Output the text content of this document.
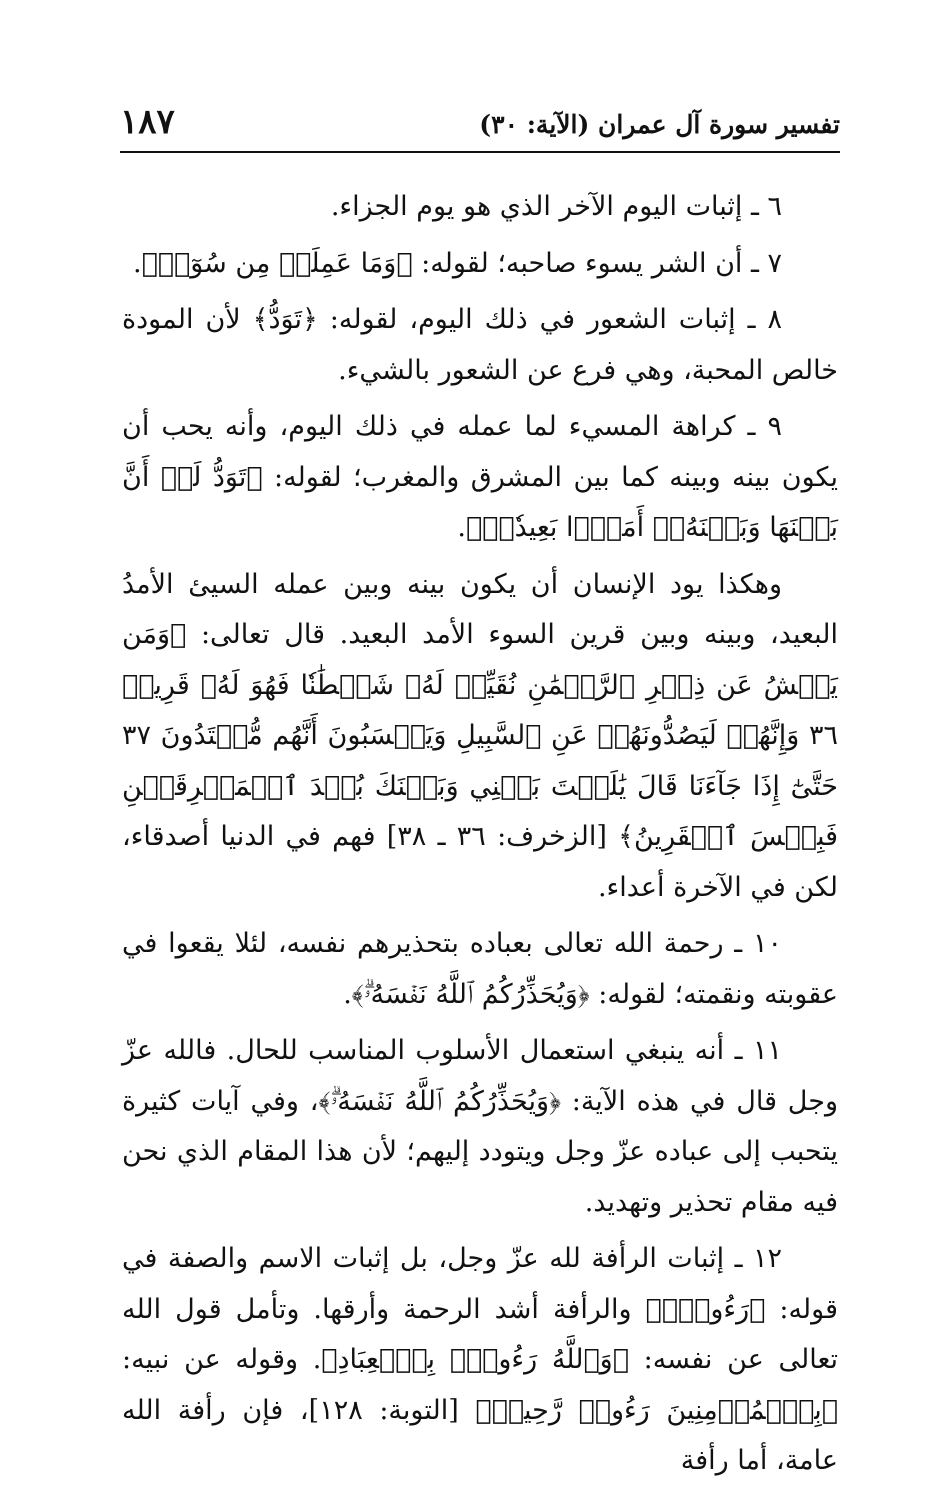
تفسير سورة آل عمران (الآية: ٣٠)
١٨٧

٦ ـ إثبات اليوم الآخر الذي هو يوم الجزاء.

٧ ـ أن الشر يسوء صاحبه؛ لقوله: ﴿وَمَا عَمِلَتۡ مِن سُوٓءٖ﴾.

٨ ـ إثبات الشعور في ذلك اليوم، لقوله: ﴿تَوَدُّ﴾ لأن المودة خالص المحبة، وهي فرع عن الشعور بالشيء.

٩ ـ كراهة المسيء لما عمله في ذلك اليوم، وأنه يحب أن يكون بينه وبينه كما بين المشرق والمغرب؛ لقوله: ﴿تَوَدُّ لَوۡ أَنَّ بَيۡنَهَا وَبَيۡنَهُۥٓ أَمَدَۢا بَعِيدٗاۗ﴾.

وهكذا يود الإنسان أن يكون بينه وبين عمله السيئ الأمدُ البعيد، وبينه وبين قرين السوء الأمد البعيد. قال تعالى: ﴿وَمَن يَعۡشُ عَن ذِكۡرِ ٱلرَّحۡمَٰنِ نُقَيِّضۡ لَهُۥ شَيۡطَٰنٗا فَهُوَ لَهُۥ قَرِينٞ ٣٦ وَإِنَّهُمۡ لَيَصُدُّونَهُمۡ عَنِ ٱلسَّبِيلِ وَيَحۡسَبُونَ أَنَّهُم مُّهۡتَدُونَ ٣٧ حَتَّىٰٓ إِذَا جَآءَنَا قَالَ يَٰلَيۡتَ بَيۡنِي وَبَيۡنَكَ بُعۡدَ ٱلۡمَشۡرِقَيۡنِ فَبِئۡسَ ٱلۡقَرِينُ﴾ [الزخرف: ٣٦ ـ ٣٨] فهم في الدنيا أصدقاء، لكن في الآخرة أعداء.

١٠ ـ رحمة الله تعالى بعباده بتحذيرهم نفسه، لئلا يقعوا في عقوبته ونقمته؛ لقوله: ﴿وَيُحَذِّرُكُمُ ٱللَّهُ نَفۡسَهُۥۗ﴾.

١١ ـ أنه ينبغي استعمال الأسلوب المناسب للحال. فالله عزّ وجل قال في هذه الآية: ﴿وَيُحَذِّرُكُمُ ٱللَّهُ نَفۡسَهُۥۗ﴾، وفي آيات كثيرة يتحبب إلى عباده عزّ وجل ويتودد إليهم؛ لأن هذا المقام الذي نحن فيه مقام تحذير وتهديد.

١٢ ـ إثبات الرأفة لله عزّ وجل، بل إثبات الاسم والصفة في قوله: ﴿رَءُوفُۢ﴾ والرأفة أشد الرحمة وأرقها. وتأمل قول الله تعالى عن نفسه: ﴿وَٱللَّهُ رَءُوفُۢ بِٱلۡعِبَادِ﴾. وقوله عن نبيه: ﴿بِٱلۡمُؤۡمِنِينَ رَءُوفٞ رَّحِيمٞ﴾ [التوبة: ١٢٨]، فإن رأفة الله عامة، أما رأفة
